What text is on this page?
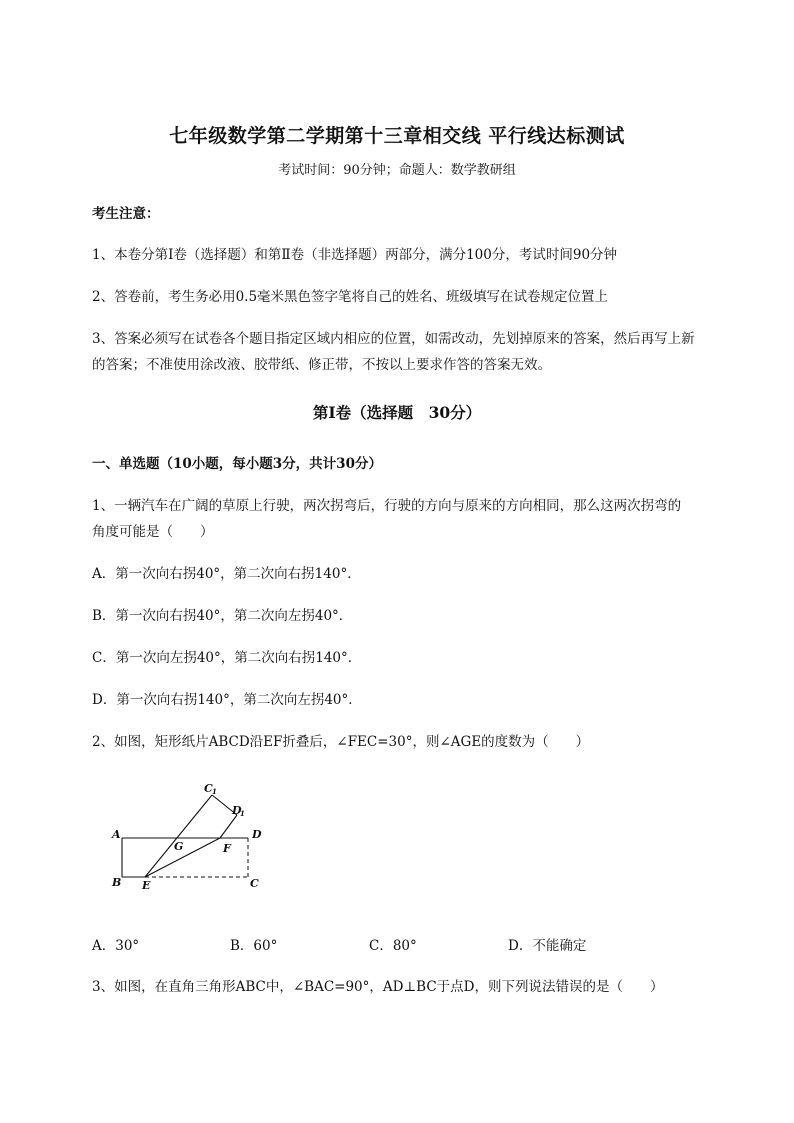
七年级数学第二学期第十三章相交线 平行线达标测试
考试时间：90分钟；命题人：数学教研组
考生注意：
1、本卷分第I卷（选择题）和第Ⅱ卷（非选择题）两部分，满分100分，考试时间90分钟
2、答卷前，考生务必用0.5毫米黑色签字笔将自己的姓名、班级填写在试卷规定位置上
3、答案必须写在试卷各个题目指定区域内相应的位置，如需改动，先划掉原来的答案，然后再写上新
的答案；不准使用涂改液、胶带纸、修正带，不按以上要求作答的答案无效。
第I卷（选择题　30分）
一、单选题（10小题，每小题3分，共计30分）
1、一辆汽车在广阔的草原上行驶，两次拐弯后，行驶的方向与原来的方向相同，那么这两次拐弯的
角度可能是（　　）
A．第一次向右拐40°，第二次向右拐140°．
B．第一次向右拐40°，第二次向左拐40°．
C．第一次向左拐40°，第二次向右拐140°．
D．第一次向右拐140°，第二次向左拐40°．
2、如图，矩形纸片ABCD沿EF折叠后，∠FEC=30°，则∠AGE的度数为（　　）
A
B	C
D
E
F
G
C 1
D
1
A．30°	B．60°	C．80°	D．不能确定
3、如图，在直角三角形ABC中，∠BAC=90°，AD⊥BC于点D，则下列说法错误的是（　　）
